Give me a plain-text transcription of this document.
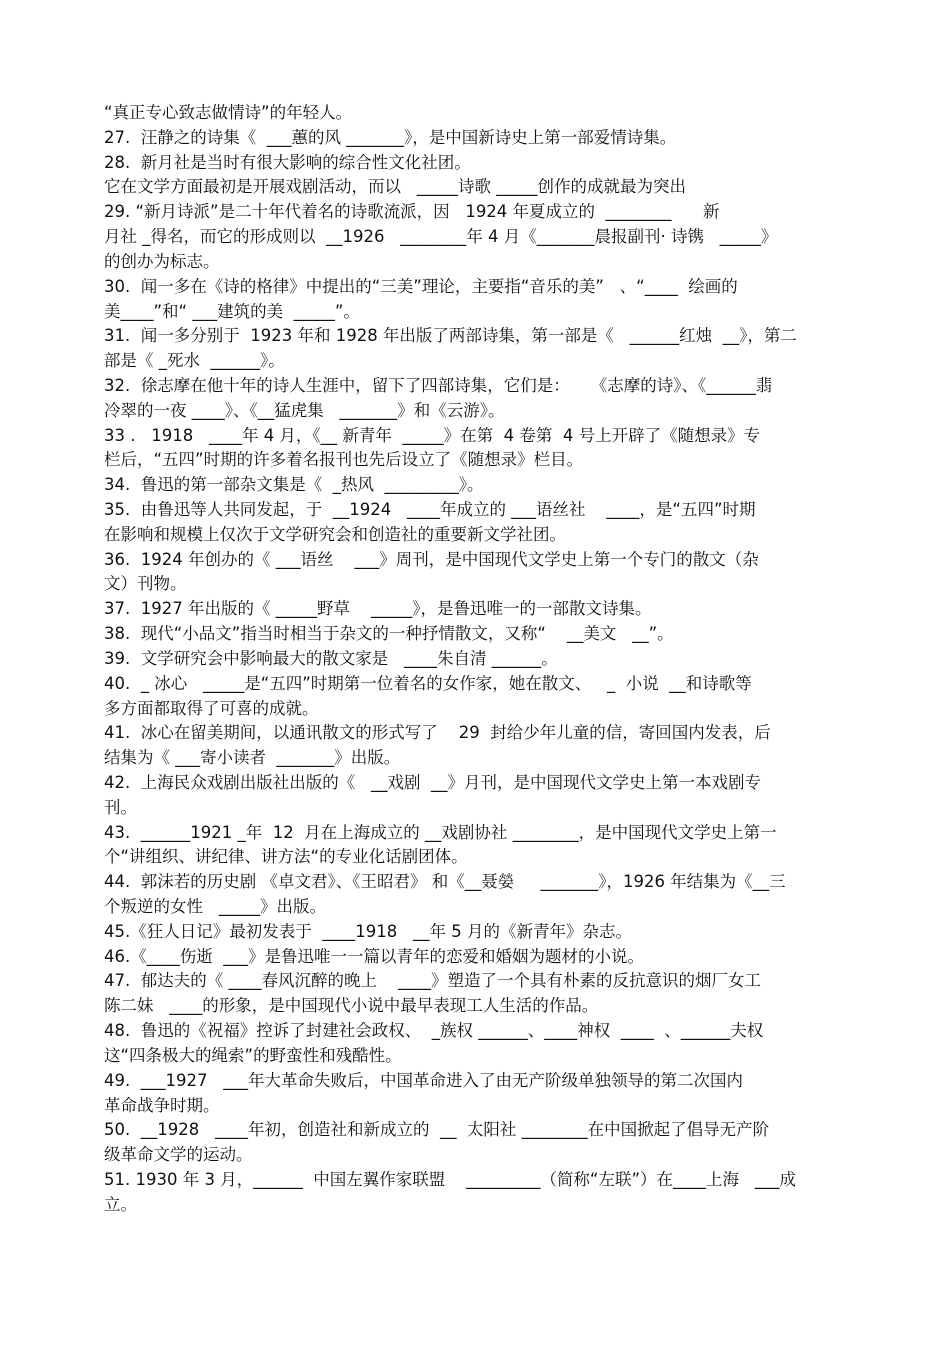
“真正专心致志做情诗”的年轻人。
27.  汪静之的诗集《  ___蕙的风 _______》，是中国新诗史上第一部爱情诗集。
28.  新月社是当时有很大影响的综合性文化社团。
它在文学方面最初是开展戏剧活动，而以   _____诗歌 _____创作的成就最为突出
29. “新月诗派”是二十年代着名的诗歌流派，因   1924 年夏成立的  ________      新
月社 _得名，而它的形成则以  __1926   ________年 4 月《_______晨报副刊· 诗镌   _____》
的创办为标志。
30.  闻一多在《诗的格律》中提出的“三美”理论，主要指“音乐的美”   、“____  绘画的
美____”和“ ___建筑的美  _____”。
31.  闻一多分别于  1923 年和 1928 年出版了两部诗集，第一部是《   ______红烛  __》，第二
部是《 _死水  ______》。
32.  徐志摩在他十年的诗人生涯中，留下了四部诗集，它们是：    《志摩的诗》、《______翡
冷翠的一夜 ____》、《__猛虎集   _______》和《云游》。
33 .   1918   ____年 4 月，《__ 新青年  _____》在第  4 卷第  4 号上开辟了《随想录》专
栏后，“五四”时期的许多着名报刊也先后设立了《随想录》栏目。
34.  鲁迅的第一部杂文集是《  _热风  _________》。
35.  由鲁迅等人共同发起，于  __1924   ____年成立的 ___语丝社    ____，是“五四”时期
在影响和规模上仅次于文学研究会和创造社的重要新文学社团。
36.  1924 年创办的《 ___语丝    ___》周刊，是中国现代文学史上第一个专门的散文（杂
文）刊物。
37.  1927 年出版的《 _____野草    _____》，是鲁迅唯一的一部散文诗集。
38.  现代“小品文”指当时相当于杂文的一种抒情散文，又称“    __美文   __”。
39.  文学研究会中影响最大的散文家是   ____朱自清 ______。
40.  _ 冰心   _____是“五四”时期第一位着名的女作家，她在散文、   _  小说  __和诗歌等
多方面都取得了可喜的成就。
41.  冰心在留美期间，以通讯散文的形式写了    29  封给少年儿童的信，寄回国内发表，后
结集为《 ___寄小读者  _______》出版。
42.  上海民众戏剧出版社出版的《   __戏剧  __》月刊，是中国现代文学史上第一本戏剧专
刊。
43.  ______1921 _年  12  月在上海成立的 __戏剧协社 ________，是中国现代文学史上第一
个“讲组织、讲纪律、讲方法“的专业化话剧团体。
44.  郭沫若的历史剧 《卓文君》、《王昭君》 和《__聂嫈     _______》，1926 年结集为《__三
个叛逆的女性   _____》出版。
45.《狂人日记》最初发表于  ____1918   __年 5 月的《新青年》杂志。
46.《____伤逝  ___》是鲁迅唯一一篇以青年的恋爱和婚姻为题材的小说。
47.  郁达夫的《 ____春风沉醉的晚上    ____》塑造了一个具有朴素的反抗意识的烟厂女工
陈二妹   ____的形象，是中国现代小说中最早表现工人生活的作品。
48.  鲁迅的《祝福》控诉了封建社会政权、  _族权 ______、____神权  ____  、______夫权
这“四条极大的绳索”的野蛮性和残酷性。
49.  ___1927   ___年大革命失败后，中国革命进入了由无产阶级单独领导的第二次国内
革命战争时期。
50.  __1928   ____年初，创造社和新成立的  __  太阳社 ________在中国掀起了倡导无产阶
级革命文学的运动。
51. 1930 年 3 月，______  中国左翼作家联盟    _________（简称“左联”）在____上海   ___成
立。
